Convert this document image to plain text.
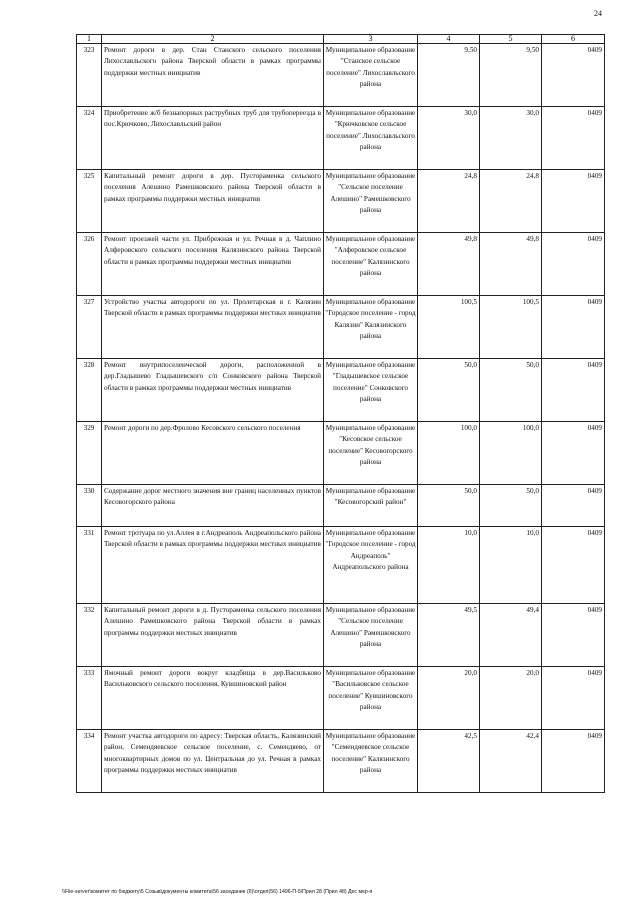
24
1	2	3	4	5	6
323	Ремонт дороги в дер. Стан Станского сельского поселения Лихославльского района Тверской области в рамках программы поддержки местных инициатив	Муниципальное образование "Станское сельское поселение" Лихославльского района	9,50	9,50	0409
324	Приобретение ж/б безнапорных раструбных труб для трубопереезда в пос.Крючково, Лихославльский район	Муниципальное образование "Крючковское сельское поселение" Лихославльского района	30,0	30,0	0409
325	Капитальный ремонт дороги в дер. Пустораменка сельского поселения Алешино Рамешковского района Тверской области в рамках программы поддержки местных инициатив	Муниципальное образование "Сельское поселение Алешино" Рамешковского района	24,8	24,8	0409
326	Ремонт проезжей части ул. Прибрежная и ул. Речная в д. Чаплино Алферовского сельского поселения Калязинского района Тверской области в рамках программы поддержки местных инициатив	Муниципальное образование "Алферовское сельское поселение" Калязинского района	49,8	49,8	0409
327	Устройство участка автодороги по ул. Пролетарская в г. Калязин Тверской области в рамках программы поддержки местных инициатив	Муниципальное образование "Городское поселение - город Калязин" Калязинского района	100,5	100,5	0409
328	Ремонт внутрипоселенческой дороги, расположенной в дер.Гладышево Гладышевского с/п Сонковского района Тверской области в рамках программы поддержки местных инициатив	Муниципальное образование "Гладышевское сельское поселение" Сонковского района	50,0	50,0	0409
329	Ремонт дороги по дер.Фролово Кесовского сельского поселения	Муниципальное образование "Кесовское сельское поселение" Кесовогорского района	100,0	100,0	0409
330	Содержание дорог местного значения вне границ населенных пунктов Кесовогорского района	Муниципальное образование "Кесовогорский район"	50,0	50,0	0409
331	Ремонт тротуара по ул.Аллея в г.Андреаполь Андреапольского района Тверской области в рамках программы поддержки местных инициатив	Муниципальное образование "Городское поселение - город Андреаполь" Андреапольского района	10,0	10,0	0409
332	Капитальный ремонт дороги в д. Пустораменка сельского поселения Алешино Рамешковского района Тверской области в рамках программы поддержки местных инициатив	Муниципальное образование "Сельское поселение Алешино" Рамешковского района	49,5	49,4	0409
333	Ямочный ремонт дороги вокруг кладбища в дер.Васильково Васильковского сельского поселения, Кувшиновский район	Муниципальное образование "Васильковское сельское поселение" Кувшиновского района	20,0	20,0	0409
334	Ремонт участка автодороги по адресу: Тверская область, Калязинский район, Семендяевское сельское поселение, с. Семендяево, от многоквартирных домов по ул. Центральная до ул. Речная в рамках программы поддержки местных инициатив	Муниципальное образование "Семендяевское сельское поселение" Калязинского района	42,5	42,4	0409
\\File-server\комитет по бюджету\5 Созыв\документы комитета\56 заседание (6)\отдел(56) 1496-П-5\Прил 28 (Прил 48) Дес мер-я
